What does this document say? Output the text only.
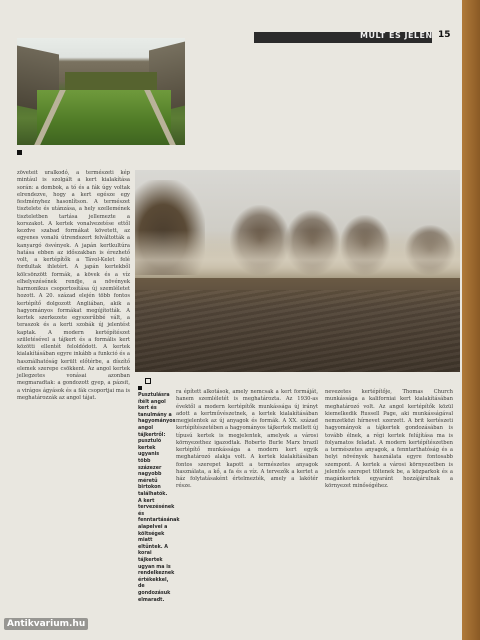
MÚLT ÉS JELEN 15

zöveteit uralkodó, a természeti kép mintául is szolgált a kert kialakítása során: a dombok, a tó és a fák úgy voltak elrendezve, hogy a kert egésze egy festményhez hasonlítson. A természet tisztelete és utánzása, a hely szellemének tiszteletben tartása jellemezte a korszakot. A kertek vonalvezetése ettől kezdve szabad formákat követett, az egyenes vonalú útrendszert felváltották a kanyargó ösvények. A japán kertkultúra hatása ebben az időszakban is érezhető volt, a kertépítők a Távol-Kelet felé fordultak ihletért. A japán kertekből kölcsönzött formák, a kövek és a víz elhelyezésének rendje, a növények harmonikus csoportosítása új szemléletet hozott. A 20. század elején több fontos kertépítő dolgozott Angliában, akik a hagyományos formákat megújították. A kertek szerkezete egyszerűbbé vált, a teraszok és a kerti szobák új jelentést kaptak. A modern kertépítészet születésével a tájkert és a formális kert közötti ellentét feloldódott. A kertek kialakításában egyre inkább a funkció és a használhatóság került előtérbe, a díszítő elemek szerepe csökkent. Az angol kertek jellegzetes vonásai azonban megmaradtak: a gondozott gyep, a pázsit, a virágos ágyások és a fák csoportjai ma is meghatározzák az angol tájat.	Pusztulásra ítélt angol kert és tanulmány a hagyományos angol tájkertről: pusztuló kertek ugyanis több százezer nagyobb méretű birtokon találhatók. A kert tervezésének és fenntartásának alapelvei a költségek miatt eltűntek. A korai tájkertek ugyan ma is rendelkeznek értékekkel, de gondozásuk elmaradt.

ra épített alkotások, amely nemcsak a kert formáját, hanem szemléletét is meghatározta. Az 1930-as évektől a modern kertépítők munkássága új irányt adott a kertművészetnek, a kertek kialakításában megjelentek az új anyagok és formák. A XX. század kertépítészetében a hagyományos tájkertek mellett új típusú kertek is megjelentek, amelyek a városi környezethez igazodtak. Roberto Burle Marx brazil kertépítő munkássága a modern kert egyik meghatározó alakja volt. A kertek kialakításában fontos szerepet kapott a természetes anyagok használata, a kő, a fa és a víz. A tervezők a kertet a ház folytatásaként értelmezték, amely a lakótér része.

nevezetes kertépítője, Thomas Church munkássága a kaliforniai kert kialakításában meghatározó volt. Az angol kertépítők közül kiemelkedik Russell Page, aki munkásságával nemzetközi hírnevet szerzett. A brit kertészeti hagyományok a tájkertek gondozásában is tovább élnek, a régi kertek felújítása ma is folyamatos feladat. A modern kertépítészetben a természetes anyagok, a fenntarthatóság és a helyi növények használata egyre fontosabb szempont. A kertek a városi környezetben is jelentős szerepet töltenek be, a közparkok és a magánkertek egyaránt hozzájárulnak a környezet minőségéhez.

Antikvarium.hu
